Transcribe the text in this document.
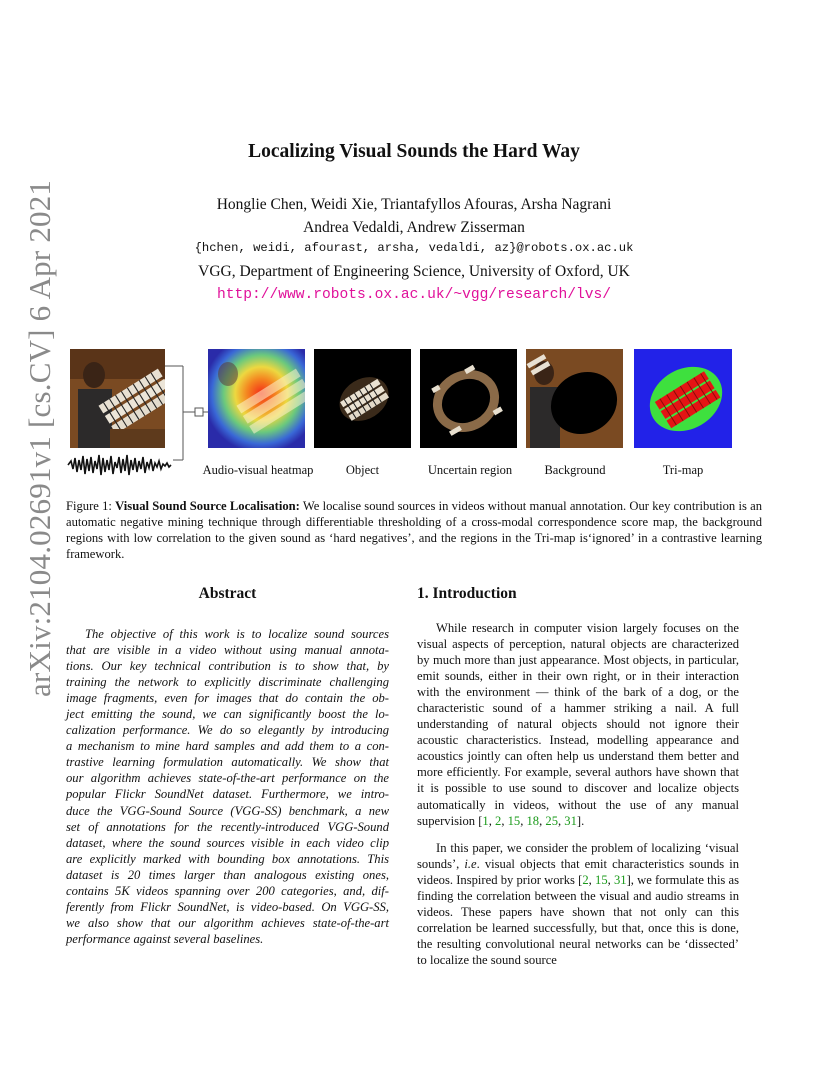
arXiv:2104.02691v1 [cs.CV] 6 Apr 2021
Localizing Visual Sounds the Hard Way
Honglie Chen, Weidi Xie, Triantafyllos Afouras, Arsha Nagrani
Andrea Vedaldi, Andrew Zisserman
{hchen, weidi, afourast, arsha, vedaldi, az}@robots.ox.ac.uk
VGG, Department of Engineering Science, University of Oxford, UK
http://www.robots.ox.ac.uk/~vgg/research/lvs/
Audio-visual heatmap	Object	Uncertain region	Background	Tri-map
Figure 1: Visual Sound Source Localisation: We localise sound sources in videos without manual annotation. Our key contribution is an automatic negative mining technique through differentiable thresholding of a cross-modal correspondence score map, the background regions with low correlation to the given sound as ‘hard negatives’, and the regions in the Tri-map is‘ignored’ in a contrastive learning framework.
Abstract
The objective of this work is to localize sound sources
that are visible in a video without using manual annota-
tions. Our key technical contribution is to show that, by
training the network to explicitly discriminate challenging
image fragments, even for images that do contain the ob-
ject emitting the sound, we can significantly boost the lo-
calization performance. We do so elegantly by introducing
a mechanism to mine hard samples and add them to a con-
trastive learning formulation automatically. We show that
our algorithm achieves state-of-the-art performance on the
popular Flickr SoundNet dataset. Furthermore, we intro-
duce the VGG-Sound Source (VGG-SS) benchmark, a new
set of annotations for the recently-introduced VGG-Sound
dataset, where the sound sources visible in each video clip
are explicitly marked with bounding box annotations. This
dataset is 20 times larger than analogous existing ones,
contains 5K videos spanning over 200 categories, and, dif-
ferently from Flickr SoundNet, is video-based. On VGG-SS,
we also show that our algorithm achieves state-of-the-art
performance against several baselines.
1. Introduction

While research in computer vision largely focuses on the visual aspects of perception, natural objects are characterized by much more than just appearance. Most objects, in particular, emit sounds, either in their own right, or in their interaction with the environment — think of the bark of a dog, or the characteristic sound of a hammer striking a nail. A full understanding of natural objects should not ignore their acoustic characteristics. Instead, modelling appearance and acoustics jointly can often help us understand them better and more efficiently. For example, several authors have shown that it is possible to use sound to discover and localize objects automatically in videos, without the use of any manual supervision [1, 2, 15, 18, 25, 31].

In this paper, we consider the problem of localizing ‘visual sounds’, i.e. visual objects that emit characteristics sounds in videos. Inspired by prior works [2, 15, 31], we formulate this as finding the correlation between the visual and audio streams in videos. These papers have shown that not only can this correlation be learned successfully, but that, once this is done, the resulting convolutional neural networks can be ‘dissected’ to localize the sound source
